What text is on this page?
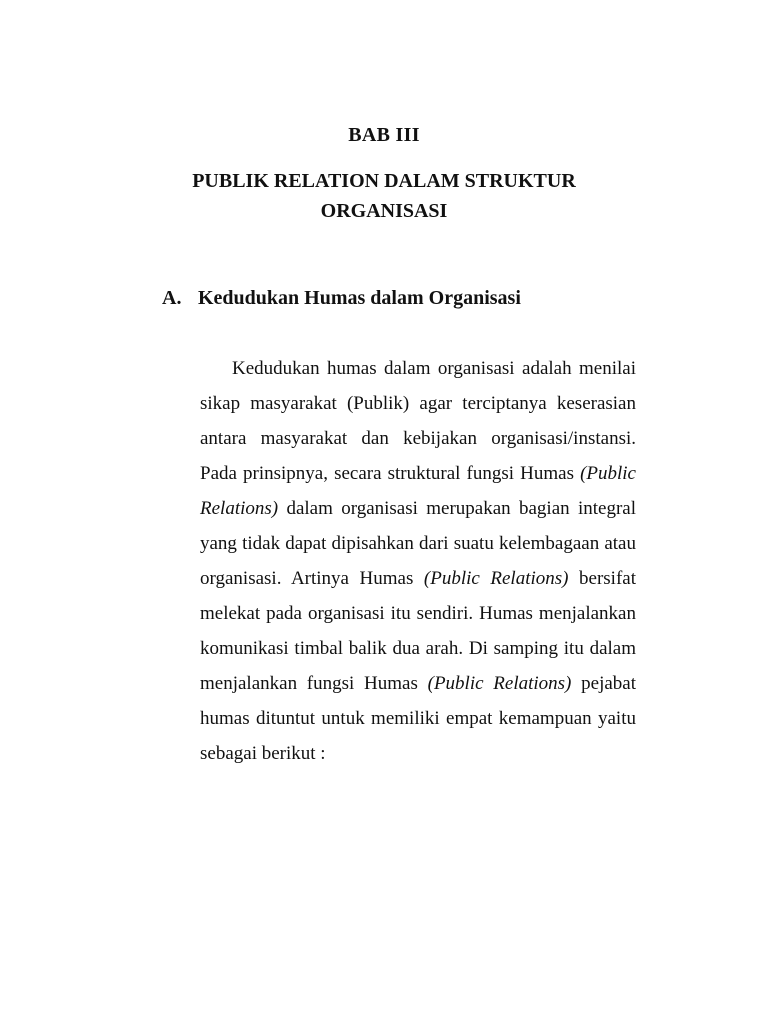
BAB III
PUBLIK RELATION DALAM STRUKTUR
ORGANISASI
A. Kedudukan Humas dalam Organisasi

Kedudukan humas dalam organisasi adalah menilai sikap masyarakat (Publik) agar terciptanya keserasian antara masyarakat dan kebijakan organisasi/instansi. Pada prinsipnya, secara struktural fungsi Humas (Public Relations) dalam organisasi merupakan bagian integral yang tidak dapat dipisahkan dari suatu kelembagaan atau organisasi. Artinya Humas (Public Relations) bersifat melekat pada organisasi itu sendiri. Humas menjalankan komunikasi timbal balik dua arah. Di samping itu dalam menjalankan fungsi Humas (Public Relations) pejabat humas dituntut untuk memiliki empat kemampuan yaitu sebagai berikut :
